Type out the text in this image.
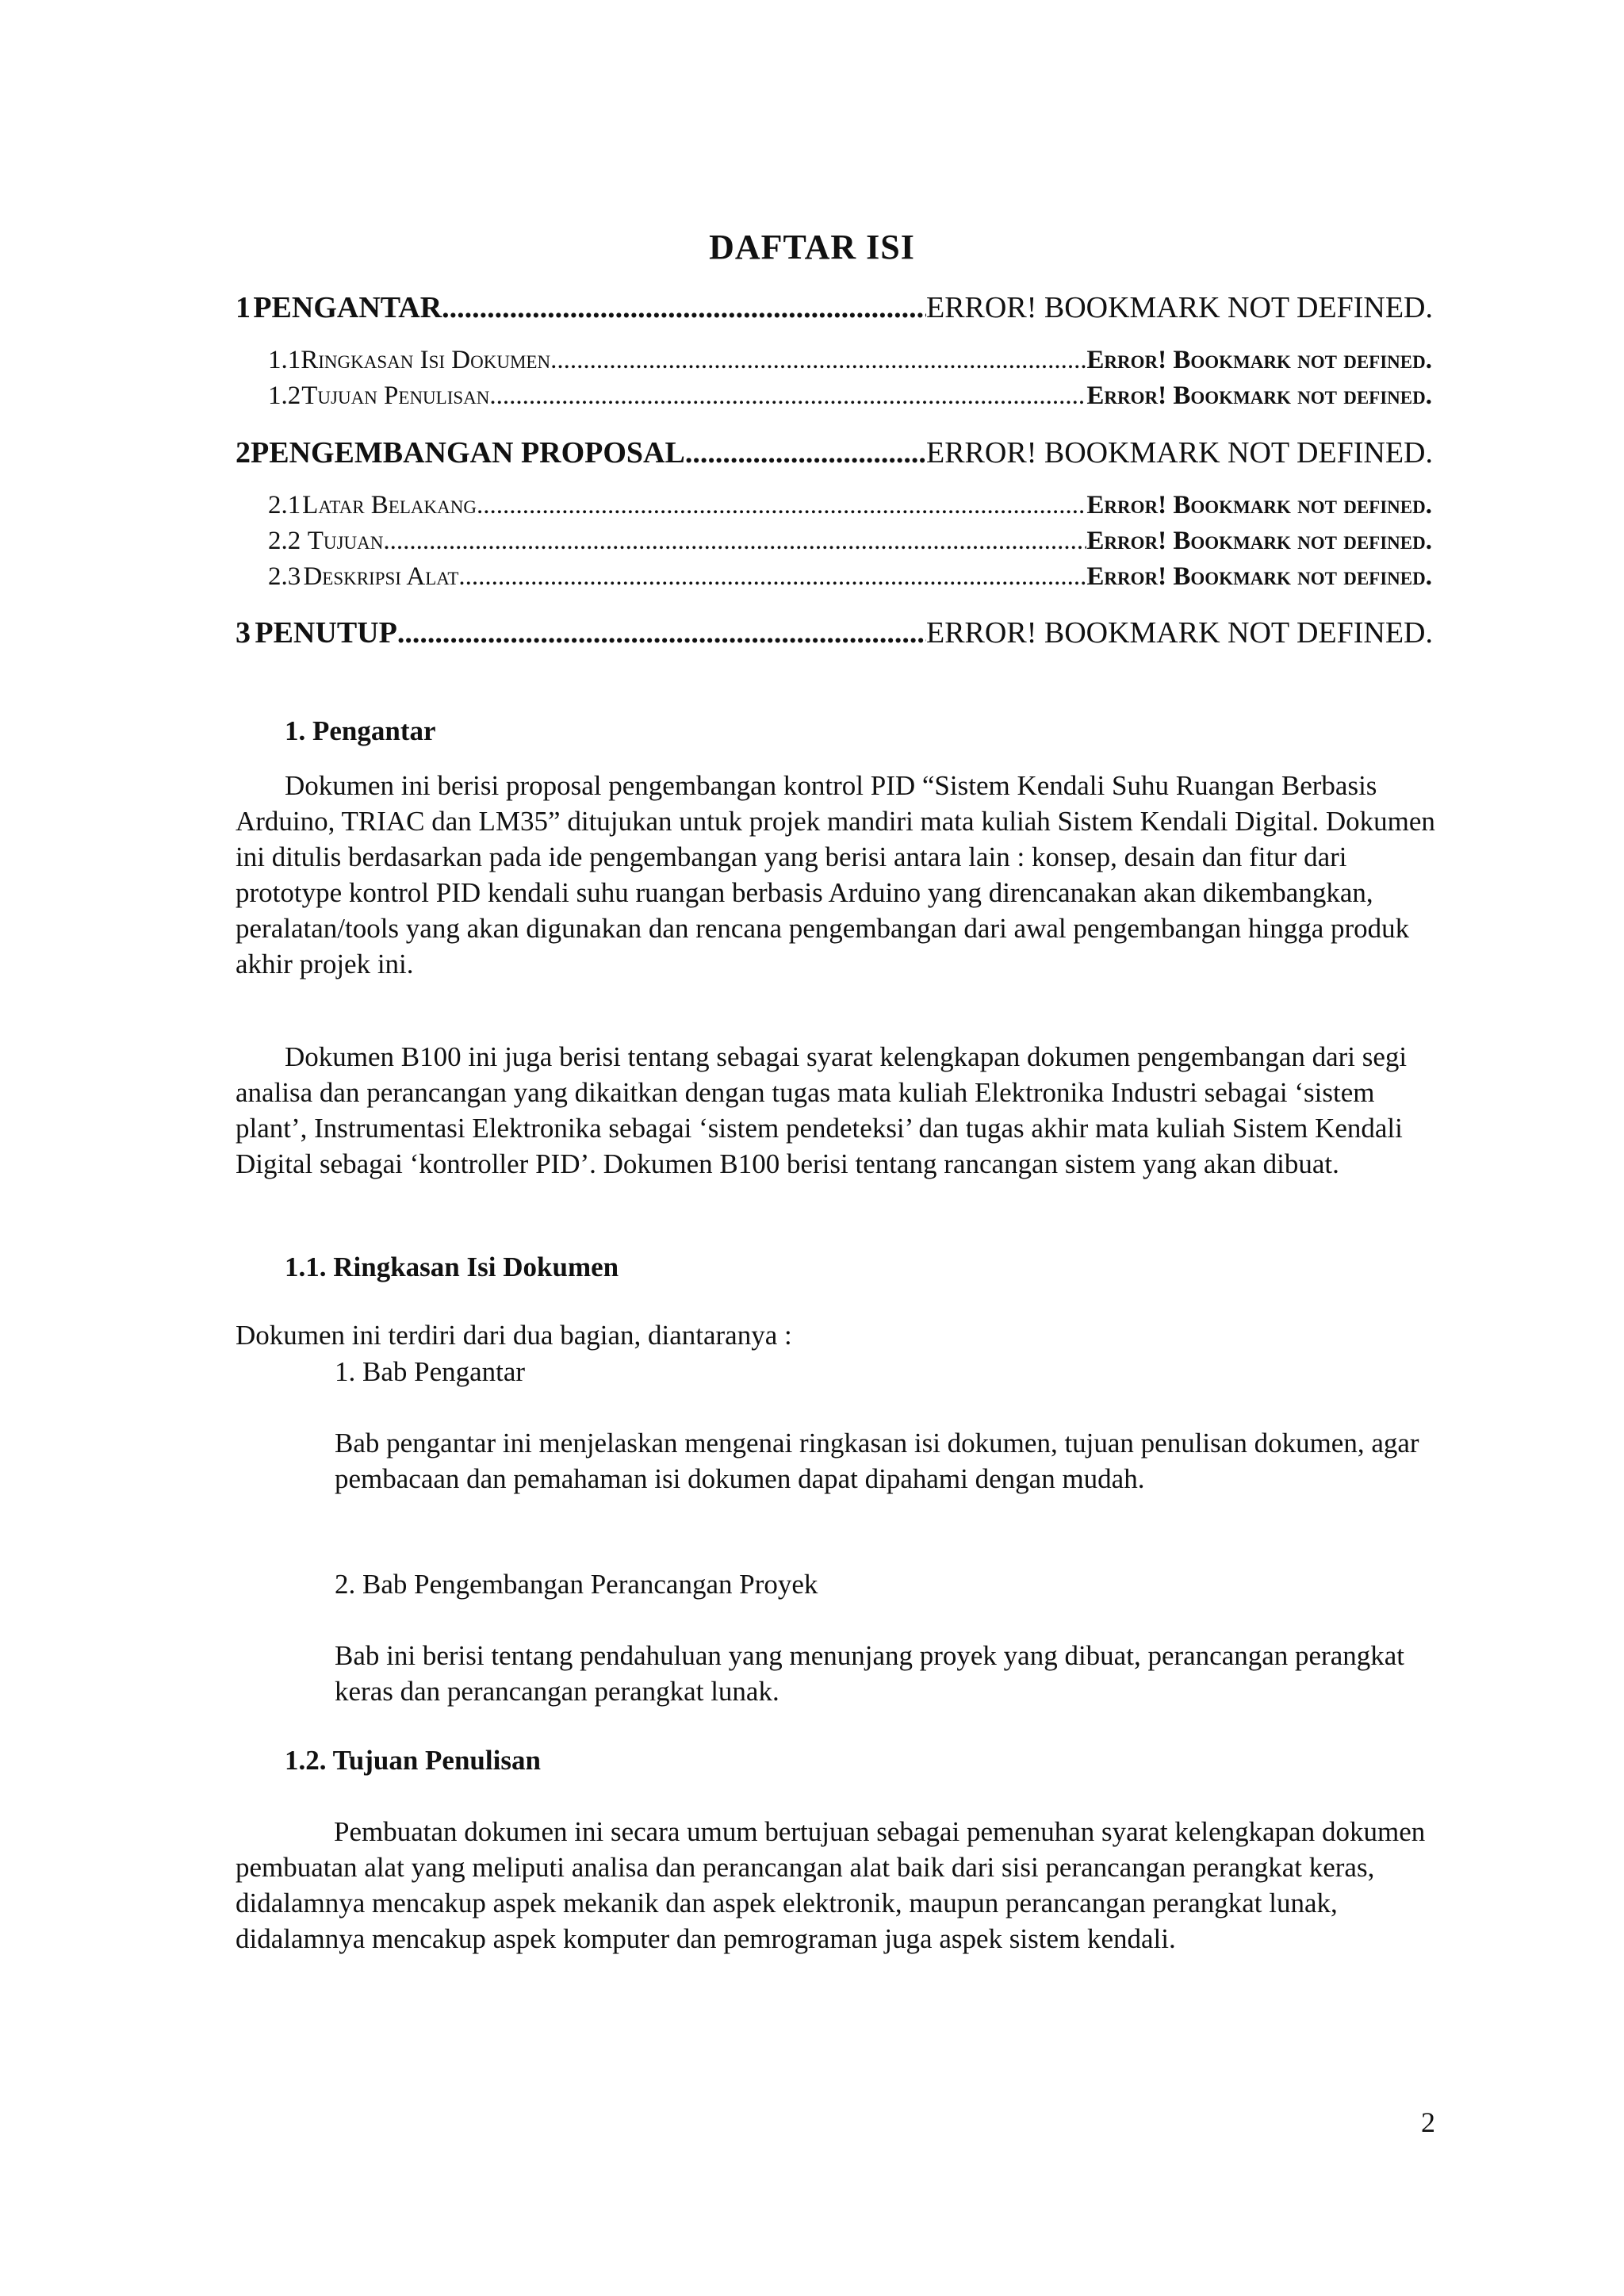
DAFTAR ISI
1 PENGANTAR .....	ERROR! BOOKMARK NOT DEFINED.
1.1 Ringkasan Isi Dokumen .....	Error! Bookmark not defined.
1.2 Tujuan Penulisan .....	Error! Bookmark not defined.
2 PENGEMBANGAN PROPOSAL .....	ERROR! BOOKMARK NOT DEFINED.
2.1 Latar Belakang .....	Error! Bookmark not defined.
2.2 Tujuan .....	Error! Bookmark not defined.
2.3 Deskripsi Alat .....	Error! Bookmark not defined.
3 PENUTUP .....	ERROR! BOOKMARK NOT DEFINED.
1. Pengantar

Dokumen ini berisi proposal pengembangan kontrol PID “Sistem Kendali Suhu Ruangan Berbasis Arduino, TRIAC dan LM35” ditujukan untuk projek mandiri mata kuliah Sistem Kendali Digital. Dokumen ini ditulis berdasarkan pada ide pengembangan yang berisi antara lain : konsep, desain dan fitur dari prototype kontrol PID kendali suhu ruangan berbasis Arduino yang direncanakan akan dikembangkan, peralatan/tools yang akan digunakan dan rencana pengembangan dari awal pengembangan hingga produk akhir projek ini.

Dokumen B100 ini juga berisi tentang sebagai syarat kelengkapan dokumen pengembangan dari segi analisa dan perancangan yang dikaitkan dengan tugas mata kuliah Elektronika Industri sebagai ‘sistem plant’, Instrumentasi Elektronika sebagai ‘sistem pendeteksi’ dan tugas akhir mata kuliah Sistem Kendali Digital sebagai ‘kontroller PID’. Dokumen B100 berisi tentang rancangan sistem yang akan dibuat.

1.1. Ringkasan Isi Dokumen
Dokumen ini terdiri dari dua bagian, diantaranya :
1. Bab Pengantar

Bab pengantar ini menjelaskan mengenai ringkasan isi dokumen, tujuan penulisan dokumen, agar pembacaan dan pemahaman isi dokumen dapat dipahami dengan mudah.

2. Bab Pengembangan Perancangan Proyek

Bab ini berisi tentang pendahuluan yang menunjang proyek yang dibuat, perancangan perangkat keras dan perancangan perangkat lunak.

1.2. Tujuan Penulisan

Pembuatan dokumen ini secara umum bertujuan sebagai pemenuhan syarat kelengkapan dokumen pembuatan alat yang meliputi analisa dan perancangan alat baik dari sisi perancangan perangkat keras, didalamnya mencakup aspek mekanik dan aspek elektronik, maupun perancangan perangkat lunak, didalamnya mencakup aspek komputer dan pemrograman juga aspek sistem kendali.

2
